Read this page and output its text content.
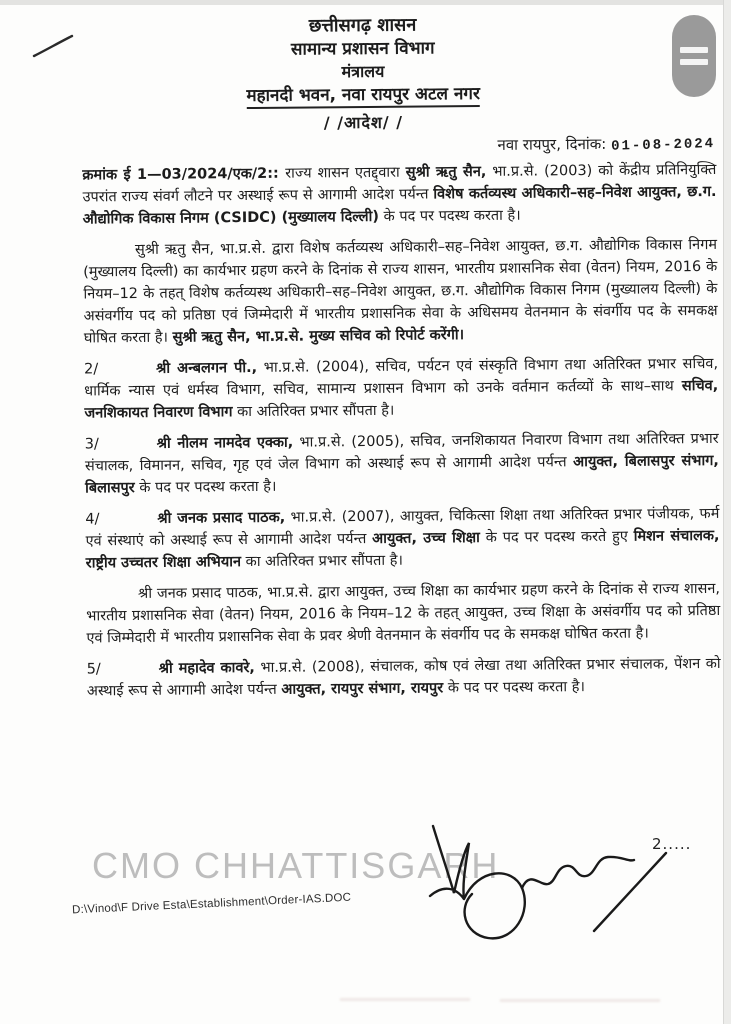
छत्तीसगढ़ शासन
सामान्य प्रशासन विभाग
मंत्रालय
महानदी भवन, नवा रायपुर अटल नगर
/ /आदेश/ /
नवा रायपुर, दिनांक: 01-08-2024

क्रमांक ई 1—03/2024/एक/2:: राज्य शासन एतद्द्वारा सुश्री ऋतु सैन, भा.प्र.से. (2003) को केंद्रीय प्रतिनियुक्ति उपरांत राज्य संवर्ग लौटने पर अस्थाई रूप से आगामी आदेश पर्यन्त विशेष कर्तव्यस्थ अधिकारी–सह–निवेश आयुक्त, छ.ग. औद्योगिक विकास निगम (CSIDC) (मुख्यालय दिल्ली) के पद पर पदस्थ करता है।

सुश्री ऋतु सैन, भा.प्र.से. द्वारा विशेष कर्तव्यस्थ अधिकारी–सह–निवेश आयुक्त, छ.ग. औद्योगिक विकास निगम (मुख्यालय दिल्ली) का कार्यभार ग्रहण करने के दिनांक से राज्य शासन, भारतीय प्रशासनिक सेवा (वेतन) नियम, 2016 के नियम–12 के तहत् विशेष कर्तव्यस्थ अधिकारी–सह–निवेश आयुक्त, छ.ग. औद्योगिक विकास निगम (मुख्यालय दिल्ली) के असंवर्गीय पद को प्रतिष्ठा एवं जिम्मेदारी में भारतीय प्रशासनिक सेवा के अधिसमय वेतनमान के संवर्गीय पद के समकक्ष घोषित करता है। सुश्री ऋतु सैन, भा.प्र.से. मुख्य सचिव को रिपोर्ट करेंगी।

2/	श्री अन्बलगन पी., भा.प्र.से. (2004), सचिव, पर्यटन एवं संस्कृति विभाग तथा अतिरिक्त प्रभार सचिव, धार्मिक न्यास एवं धर्मस्व विभाग, सचिव, सामान्य प्रशासन विभाग को उनके वर्तमान कर्तव्यों के साथ–साथ सचिव, जनशिकायत निवारण विभाग का अतिरिक्त प्रभार सौंपता है।

3/	श्री नीलम नामदेव एक्का, भा.प्र.से. (2005), सचिव, जनशिकायत निवारण विभाग तथा अतिरिक्त प्रभार संचालक, विमानन, सचिव, गृह एवं जेल विभाग को अस्थाई रूप से आगामी आदेश पर्यन्त आयुक्त, बिलासपुर संभाग, बिलासपुर के पद पर पदस्थ करता है।

4/	श्री जनक प्रसाद पाठक, भा.प्र.से. (2007), आयुक्त, चिकित्सा शिक्षा तथा अतिरिक्त प्रभार पंजीयक, फर्म एवं संस्थाएं को अस्थाई रूप से आगामी आदेश पर्यन्त आयुक्त, उच्च शिक्षा के पद पर पदस्थ करते हुए मिशन संचालक, राष्ट्रीय उच्चतर शिक्षा अभियान का अतिरिक्त प्रभार सौंपता है।

श्री जनक प्रसाद पाठक, भा.प्र.से. द्वारा आयुक्त, उच्च शिक्षा का कार्यभार ग्रहण करने के दिनांक से राज्य शासन, भारतीय प्रशासनिक सेवा (वेतन) नियम, 2016 के नियम–12 के तहत् आयुक्त, उच्च शिक्षा के असंवर्गीय पद को प्रतिष्ठा एवं जिम्मेदारी में भारतीय प्रशासनिक सेवा के प्रवर श्रेणी वेतनमान के संवर्गीय पद के समकक्ष घोषित करता है।

5/	श्री महादेव कावरे, भा.प्र.से. (2008), संचालक, कोष एवं लेखा तथा अतिरिक्त प्रभार संचालक, पेंशन को अस्थाई रूप से आगामी आदेश पर्यन्त आयुक्त, रायपुर संभाग, रायपुर के पद पर पदस्थ करता है।

CMO CHHATTISGARH
2.....
D:\Vinod\F Drive Esta\Establishment\Order-IAS.DOC
